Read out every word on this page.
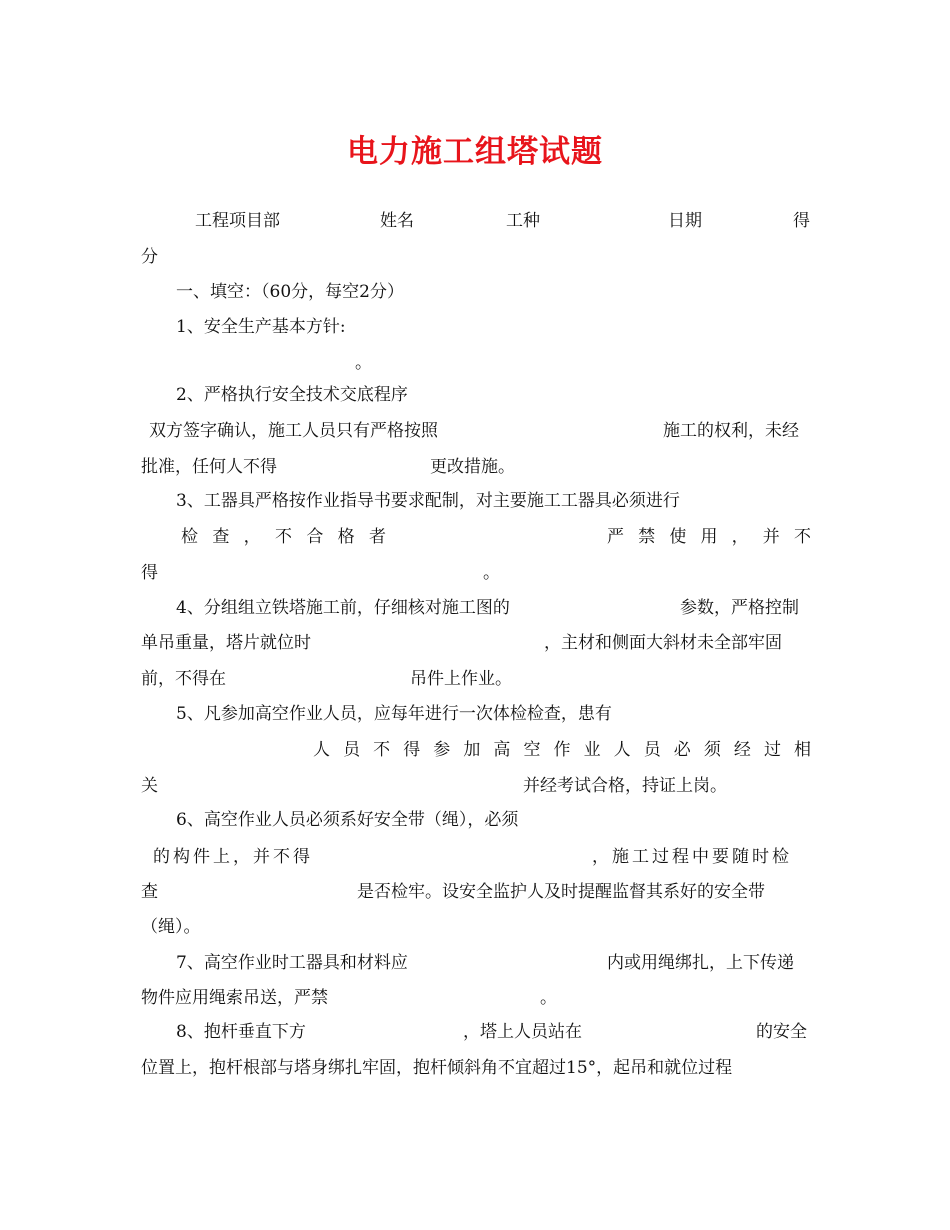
电力施工组塔试题
工程项目部	姓名	工种	日期	得
分
一、填空：（60分，每空2分）
1、安全生产基本方针:
。
2、严格执行安全技术交底程序
双方签字确认，施工人员只有严格按照	施工的权利，未经
批准，任何人不得	更改措施。
3、工器具严格按作业指导书要求配制，对主要施工工器具必须进行
检 查 ， 不 合 格 者	严 禁 使 用 ， 并 不
得	。
4、分组组立铁塔施工前，仔细核对施工图的	参数，严格控制
单吊重量，塔片就位时	，主材和侧面大斜材未全部牢固
前，不得在	吊件上作业。
5、凡参加高空作业人员，应每年进行一次体检检查，患有
人 员 不 得 参 加 高 空 作 业 人 员 必 须 经 过 相
关	并经考试合格，持证上岗。
6、高空作业人员必须系好安全带（绳），必须
的构件上，并不得	，施工过程中要随时检
查	是否检牢。设安全监护人及时提醒监督其系好的安全带
（绳）。
7、高空作业时工器具和材料应	内或用绳绑扎，上下传递
物件应用绳索吊送，严禁	。
8、抱杆垂直下方	，塔上人员站在	的安全
位置上，抱杆根部与塔身绑扎牢固，抱杆倾斜角不宜超过15°，起吊和就位过程
